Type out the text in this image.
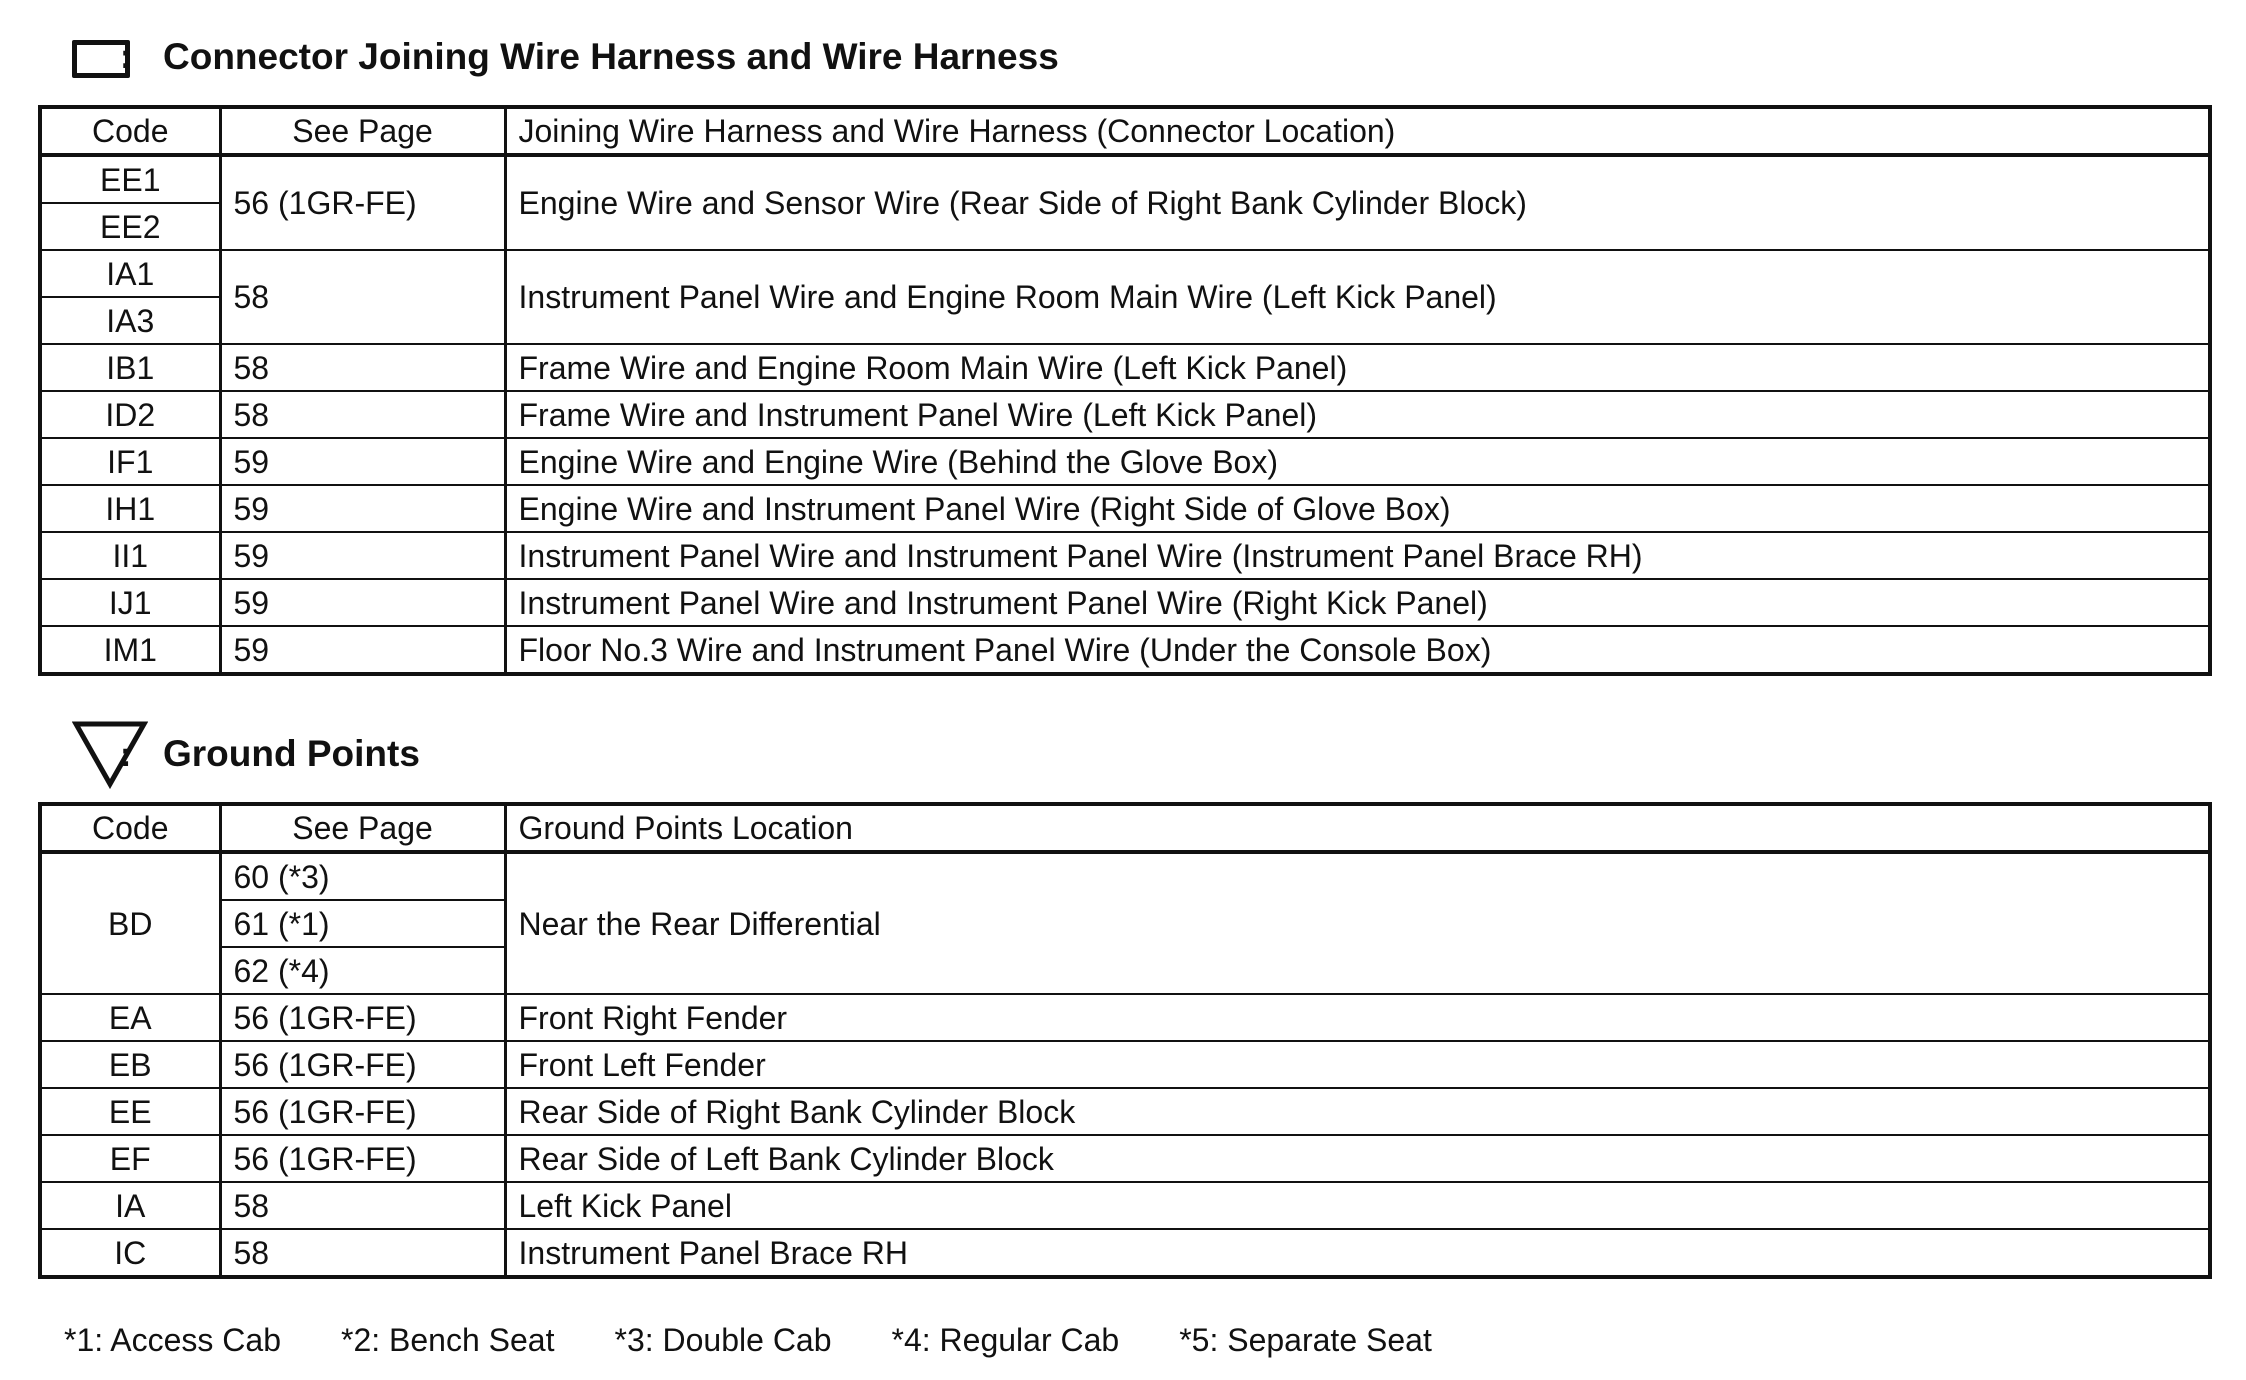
: Connector Joining Wire Harness and Wire Harness
Code	See Page	Joining Wire Harness and Wire Harness (Connector Location)
EE1	56 (1GR-FE)	Engine Wire and Sensor Wire (Rear Side of Right Bank Cylinder Block)
EE2		
IA1	58	Instrument Panel Wire and Engine Room Main Wire (Left Kick Panel)
IA3		
IB1	58	Frame Wire and Engine Room Main Wire (Left Kick Panel)
ID2	58	Frame Wire and Instrument Panel Wire (Left Kick Panel)
IF1	59	Engine Wire and Engine Wire (Behind the Glove Box)
IH1	59	Engine Wire and Instrument Panel Wire (Right Side of Glove Box)
II1	59	Instrument Panel Wire and Instrument Panel Wire (Instrument Panel Brace RH)
IJ1	59	Instrument Panel Wire and Instrument Panel Wire (Right Kick Panel)
IM1	59	Floor No.3 Wire and Instrument Panel Wire (Under the Console Box)
: Ground Points
Code	See Page	Ground Points Location
BD	60 (*3)	Near the Rear Differential
	61 (*1)	
	62 (*4)	
EA	56 (1GR-FE)	Front Right Fender
EB	56 (1GR-FE)	Front Left Fender
EE	56 (1GR-FE)	Rear Side of Right Bank Cylinder Block
EF	56 (1GR-FE)	Rear Side of Left Bank Cylinder Block
IA	58	Left Kick Panel
IC	58	Instrument Panel Brace RH
*1: Access Cab *2: Bench Seat *3: Double Cab *4: Regular Cab *5: Separate Seat
